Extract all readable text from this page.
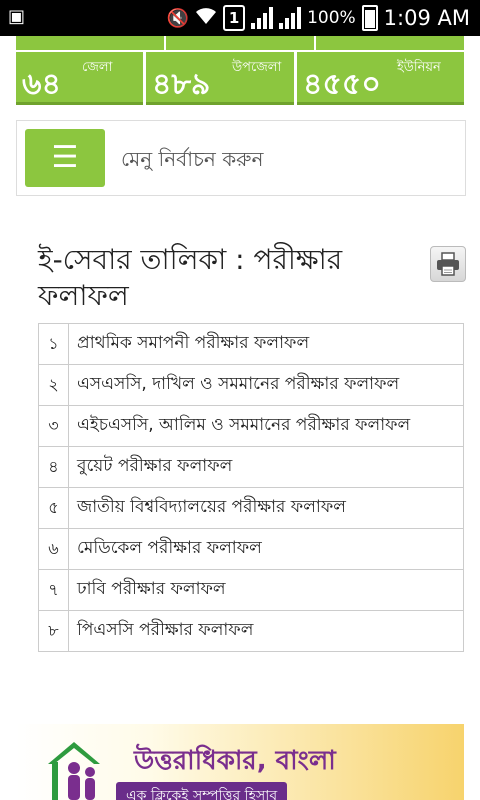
▣	🔇	1	100% 1:09 AM
৬৪ জেলা ৪৮৯ উপজেলা ৪৫৫০ ইউনিয়ন
☰	মেনু নির্বাচন করুন
ই-সেবার তালিকা : পরীক্ষার ফলাফল
১	প্রাথমিক সমাপনী পরীক্ষার ফলাফল
২	এসএসসি, দাখিল ও সমমানের পরীক্ষার ফলাফল
৩	এইচএসসি, আলিম ও সমমানের পরীক্ষার ফলাফল
৪	বুয়েট পরীক্ষার ফলাফল
৫	জাতীয় বিশ্ববিদ্যালয়ের পরীক্ষার ফলাফল
৬	মেডিকেল পরীক্ষার ফলাফল
৭	ঢাবি পরীক্ষার ফলাফল
৮	পিএসসি পরীক্ষার ফলাফল
উত্তরাধিকার, বাংলা
এক ক্লিকেই সম্পত্তির হিসাব
